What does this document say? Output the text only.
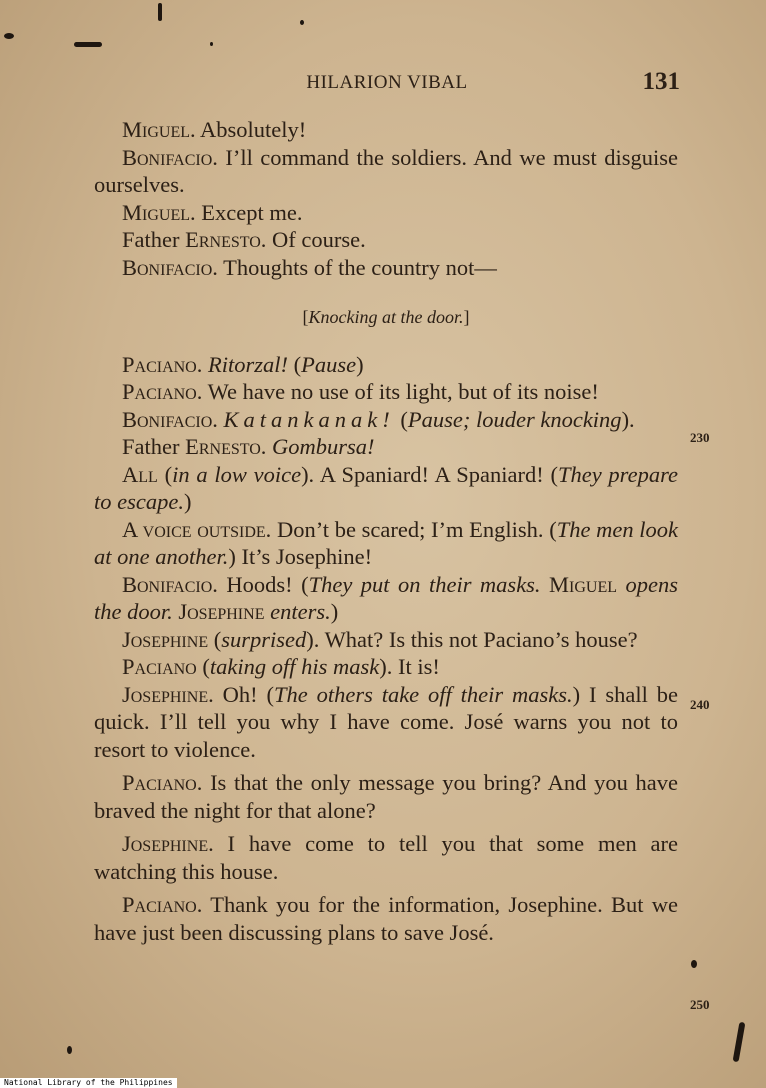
HILARION VIBAL	131

Miguel. Absolutely!

Bonifacio. I’ll command the soldiers. And we must disguise ourselves.

Miguel. Except me.

Father Ernesto. Of course.

Bonifacio. Thoughts of the country not—

[Knocking at the door.]

Paciano. Ritorzal! (Pause)

Paciano. We have no use of its light, but of its noise!

Bonifacio. Katankanak! (Pause; louder knocking).

Father Ernesto. Gombursa!

All (in a low voice). A Spaniard! A Spaniard! (They prepare to escape.)

A voice outside. Don’t be scared; I’m English. (The men look at one another.) It’s Josephine!

Bonifacio. Hoods! (They put on their masks. Miguel opens the door. Josephine enters.)

Josephine (surprised). What? Is this not Paciano’s house?

Paciano (taking off his mask). It is!

Josephine. Oh! (The others take off their masks.) I shall be quick. I’ll tell you why I have come. José warns you not to resort to violence.

Paciano. Is that the only message you bring? And you have braved the night for that alone?

Josephine. I have come to tell you that some men are watching this house.

Paciano. Thank you for the information, Josephine. But we have just been discussing plans to save José.

230
240
250
National Library of the Philippines
